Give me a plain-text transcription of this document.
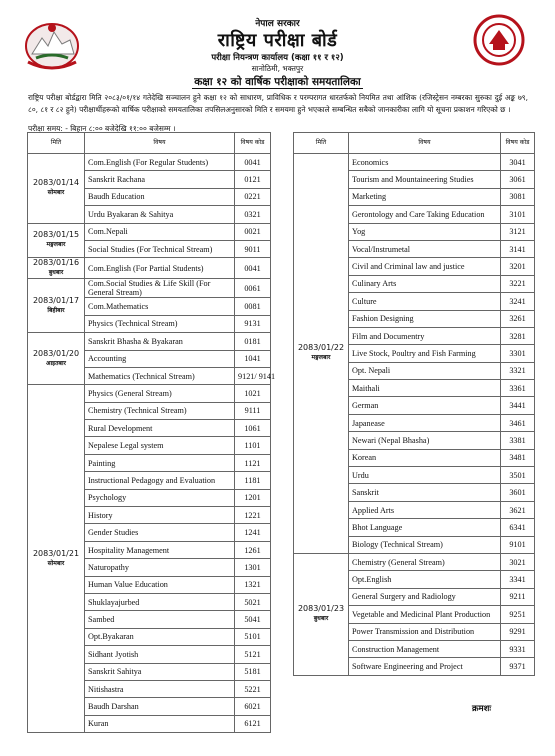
नेपाल सरकार
राष्ट्रिय परीक्षा बोर्ड
परीक्षा नियन्त्रण कार्यालय (कक्षा ११ र १२)
सानोठिमी, भक्तपुर
कक्षा १२ को वार्षिक परीक्षाको समयतालिका
राष्ट्रिय परीक्षा बोर्डद्वारा मिति २०८३/०१/१४ गतेदेखि सञ्चालन हुने कक्षा १२ को साधारण, प्राविधिक र परम्परागत धारतर्फको नियमित तथा आंशिक (रजिस्ट्रेसन नम्बरका सुरुका दुई अङ्क ७९, ८०, ८१ र ८२ हुने) परीक्षार्थीहरूको वार्षिक परीक्षाको समयतालिका तपसिलअनुसारको मिति र समयमा हुने भएकाले सम्बन्धित सबैको जानकारीका लागि यो सूचना प्रकाशन गरिएको छ ।
परीक्षा समय: - बिहान ८:०० बजेदेखि ११:०० बजेसम्म ।
मिति	विषय	विषय कोड
2083/01/14
सोमबार	Com.English (For Regular Students)	0041
	Sanskrit Rachana	0121
	Baudh Education	0221
	Urdu Byakaran & Sahitya	0321
2083/01/15
मङ्गलबार	Com.Nepali	0021
	Social Studies (For Technical Stream)	9011
2083/01/16
बुधबार	Com.English (For Partial Students)	0041
2083/01/17
बिहीबार	Com.Social Studies & Life Skill (For General Stream)	0061
	Com.Mathematics	0081
	Physics (Technical Stream)	9131
2083/01/20
आइतबार	Sanskrit Bhasha & Byakaran	0181
	Accounting	1041
	Mathematics (Technical Stream)	9121/ 9141
2083/01/21
सोमबार	Physics (General Stream)	1021
	Chemistry (Technical Stream)	9111
	Rural Development	1061
	Nepalese Legal system	1101
	Painting	1121
	Instructional Pedagogy and Evaluation	1181
	Psychology	1201
	History	1221
	Gender Studies	1241
	Hospitality Management	1261
	Naturopathy	1301
	Human Value Education	1321
	Shuklayajurbed	5021
	Sambed	5041
	Opt.Byakaran	5101
	Sidhant Jyotish	5121
	Sanskrit Sahitya	5181
	Nitishastra	5221
	Baudh Darshan	6021
	Kuran	6121
मिति	विषय	विषय कोड
2083/01/22
मङ्गलबार	Economics	3041
	Tourism and Mountaineering Studies	3061
	Marketing	3081
	Gerontology and Care Taking Education	3101
	Yog	3121
	Vocal/Instrumetal	3141
	Civil and Criminal law and justice	3201
	Culinary Arts	3221
	Culture	3241
	Fashion Designing	3261
	Film and Documentry	3281
	Live Stock, Poultry and Fish Farming	3301
	Opt. Nepali	3321
	Maithali	3361
	German	3441
	Japanease	3461
	Newari (Nepal Bhasha)	3381
	Korean	3481
	Urdu	3501
	Sanskrit	3601
	Applied Arts	3621
	Bhot Language	6341
	Biology (Technical Stream)	9101
2083/01/23
बुधबार	Chemistry (General Stream)	3021
	Opt.English	3341
	General Surgery and Radiology	9211
	Vegetable and Medicinal Plant Production	9251
	Power Transmission and Distribution	9291
	Construction Management	9331
	Software Engineering and Project	9371
क्रमशः
